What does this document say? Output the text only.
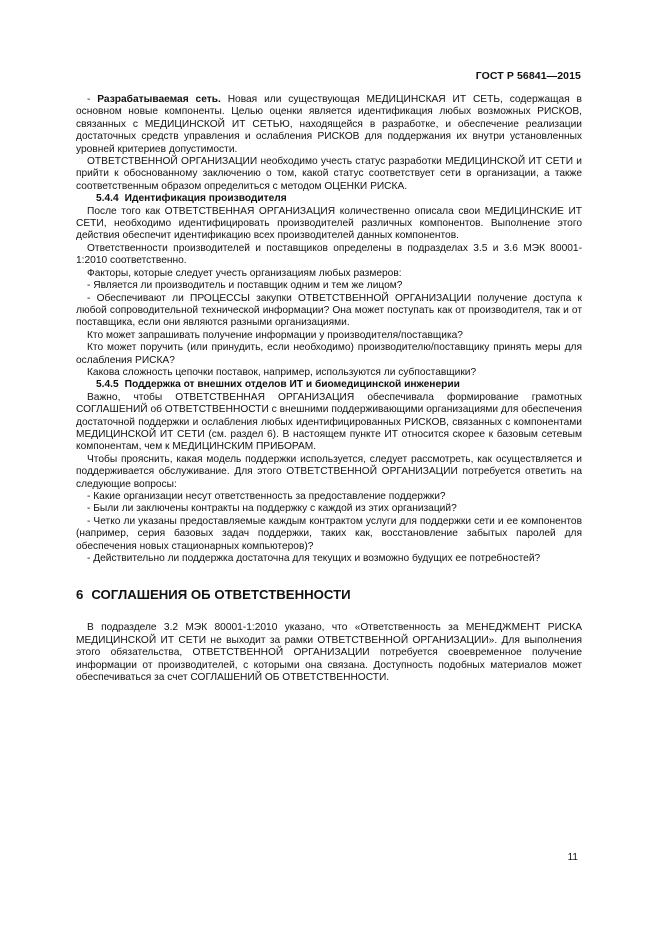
ГОСТ Р 56841—2015

- Разрабатываемая сеть. Новая или существующая МЕДИЦИНСКАЯ ИТ СЕТЬ, содержащая в основном новые компоненты. Целью оценки является идентификация любых возможных РИСКОВ, связанных с МЕДИЦИНСКОЙ ИТ СЕТЬЮ, находящейся в разработке, и обеспечение реализации достаточных средств управления и ослабления РИСКОВ для поддержания их внутри установленных уровней критериев допустимости.

ОТВЕТСТВЕННОЙ ОРГАНИЗАЦИИ необходимо учесть статус разработки МЕДИЦИНСКОЙ ИТ СЕТИ и прийти к обоснованному заключению о том, какой статус соответствует сети в организации, а также соответственным образом определиться с методом ОЦЕНКИ РИСКА.

5.4.4 Идентификация производителя

После того как ОТВЕТСТВЕННАЯ ОРГАНИЗАЦИЯ количественно описала свои МЕДИЦИНСКИЕ ИТ СЕТИ, необходимо идентифицировать производителей различных компонентов. Выполнение этого действия обеспечит идентификацию всех производителей данных компонентов.

Ответственности производителей и поставщиков определены в подразделах 3.5 и 3.6 МЭК 80001-1:2010 соответственно.

Факторы, которые следует учесть организациям любых размеров:

- Является ли производитель и поставщик одним и тем же лицом?

- Обеспечивают ли ПРОЦЕССЫ закупки ОТВЕТСТВЕННОЙ ОРГАНИЗАЦИИ получение доступа к любой сопроводительной технической информации? Она может поступать как от производителя, так и от поставщика, если они являются разными организациями.

Кто может запрашивать получение информации у производителя/поставщика?

Кто может поручить (или принудить, если необходимо) производителю/поставщику принять меры для ослабления РИСКА?

Какова сложность цепочки поставок, например, используются ли субпоставщики?

5.4.5 Поддержка от внешних отделов ИТ и биомедицинской инженерии

Важно, чтобы ОТВЕТСТВЕННАЯ ОРГАНИЗАЦИЯ обеспечивала формирование грамотных СОГЛАШЕНИЙ об ОТВЕТСТВЕННОСТИ с внешними поддерживающими организациями для обеспечения достаточной поддержки и ослабления любых идентифицированных РИСКОВ, связанных с компонентами МЕДИЦИНСКОЙ ИТ СЕТИ (см. раздел 6). В настоящем пункте ИТ относится скорее к базовым сетевым компонентам, чем к МЕДИЦИНСКИМ ПРИБОРАМ.

Чтобы прояснить, какая модель поддержки используется, следует рассмотреть, как осуществляется и поддерживается обслуживание. Для этого ОТВЕТСТВЕННОЙ ОРГАНИЗАЦИИ потребуется ответить на следующие вопросы:

- Какие организации несут ответственность за предоставление поддержки?

- Были ли заключены контракты на поддержку с каждой из этих организаций?

- Четко ли указаны предоставляемые каждым контрактом услуги для поддержки сети и ее компонентов (например, серия базовых задач поддержки, таких как, восстановление забытых паролей для обеспечения новых стационарных компьютеров)?

- Действительно ли поддержка достаточна для текущих и возможно будущих ее потребностей?

6 СОГЛАШЕНИЯ ОБ ОТВЕТСТВЕННОСТИ

В подразделе 3.2 МЭК 80001-1:2010 указано, что «Ответственность за МЕНЕДЖМЕНТ РИСКА МЕДИЦИНСКОЙ ИТ СЕТИ не выходит за рамки ОТВЕТСТВЕННОЙ ОРГАНИЗАЦИИ». Для выполнения этого обязательства, ОТВЕТСТВЕННОЙ ОРГАНИЗАЦИИ потребуется своевременное получение информации от производителей, с которыми она связана. Доступность подобных материалов может обеспечиваться за счет СОГЛАШЕНИЙ ОБ ОТВЕТСТВЕННОСТИ.

11
